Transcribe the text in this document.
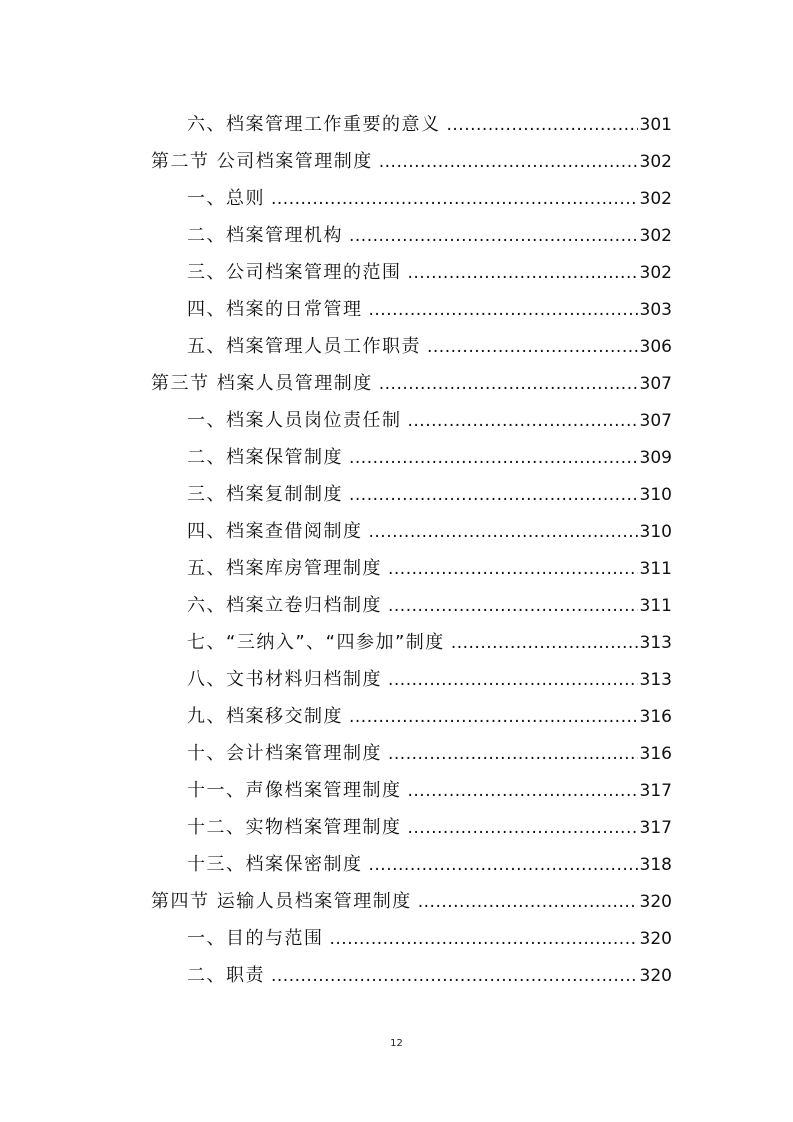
六、档案管理工作重要的意义 .....	301
第二节 公司档案管理制度 .....	302
一、总则 .....	302
二、档案管理机构 .....	302
三、公司档案管理的范围 .....	302
四、档案的日常管理 .....	303
五、档案管理人员工作职责 .....	306
第三节 档案人员管理制度 .....	307
一、档案人员岗位责任制 .....	307
二、档案保管制度 .....	309
三、档案复制制度 .....	310
四、档案查借阅制度 .....	310
五、档案库房管理制度 .....	311
六、档案立卷归档制度 .....	311
七、“三纳入”、“四参加”制度 .....	313
八、文书材料归档制度 .....	313
九、档案移交制度 .....	316
十、会计档案管理制度 .....	316
十一、声像档案管理制度 .....	317
十二、实物档案管理制度 .....	317
十三、档案保密制度 .....	318
第四节 运输人员档案管理制度 .....	320
一、目的与范围 .....	320
二、职责 .....	320
12
